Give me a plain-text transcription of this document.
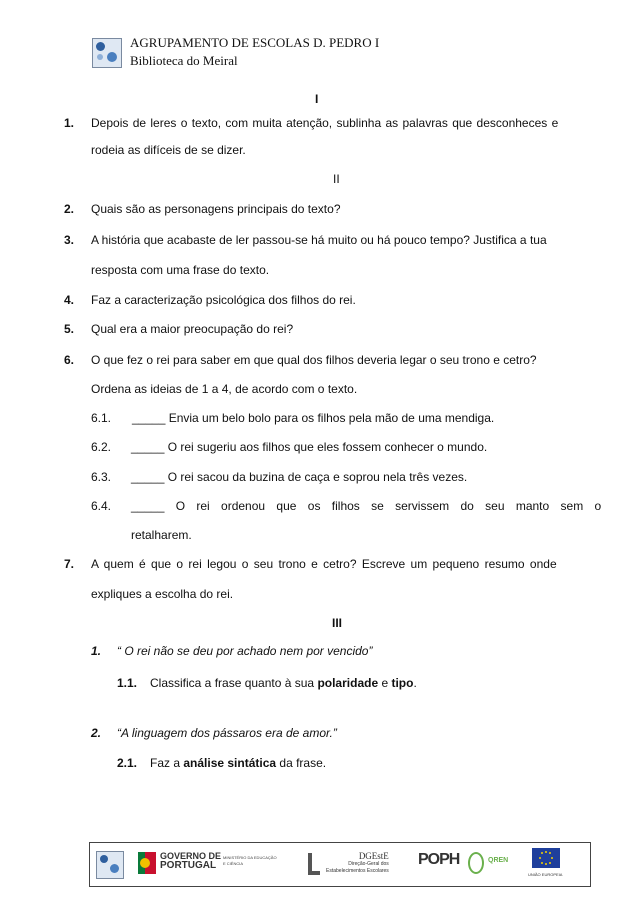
AGRUPAMENTO DE ESCOLAS D. PEDRO I
Biblioteca do Meiral
I
1. Depois de leres o texto, com muita atenção, sublinha as palavras que desconheces e
rodeia as difíceis de se dizer.
II
2. Quais são as personagens principais do texto?
3. A história que acabaste de ler passou-se há muito ou há pouco tempo? Justifica a tua
resposta com uma frase do texto.
4. Faz a caracterização psicológica dos filhos do rei.
5. Qual era a maior preocupação do rei?
6. O que fez o rei para saber em que qual dos filhos deveria legar o seu trono e cetro?
Ordena as ideias de 1 a 4, de acordo com o texto.
6.1. _____ Envia um belo bolo para os filhos pela mão de uma mendiga.
6.2. _____ O rei sugeriu aos filhos que eles fossem conhecer o mundo.
6.3. _____ O rei sacou da buzina de caça e soprou nela três vezes.
6.4. _____ O rei ordenou que os filhos se servissem do seu manto sem o
retalharem.
7. A quem é que o rei legou o seu trono e cetro? Escreve um pequeno resumo onde
expliques a escolha do rei.
III
1. “ O rei não se deu por achado nem por vencido”
1.1. Classifica a frase quanto à sua polaridade e tipo.
2. “A linguagem dos pássaros era de amor.”
2.1. Faz a análise sintática da frase.
GOVERNO DE
PORTUGAL
MINISTÉRIO DA EDUCAÇÃO
E CIÊNCIA
DGEstE
Direção-Geral dos
Estabelecimentos Escolares
POPH	QREN
UNIÃO EUROPEIA
